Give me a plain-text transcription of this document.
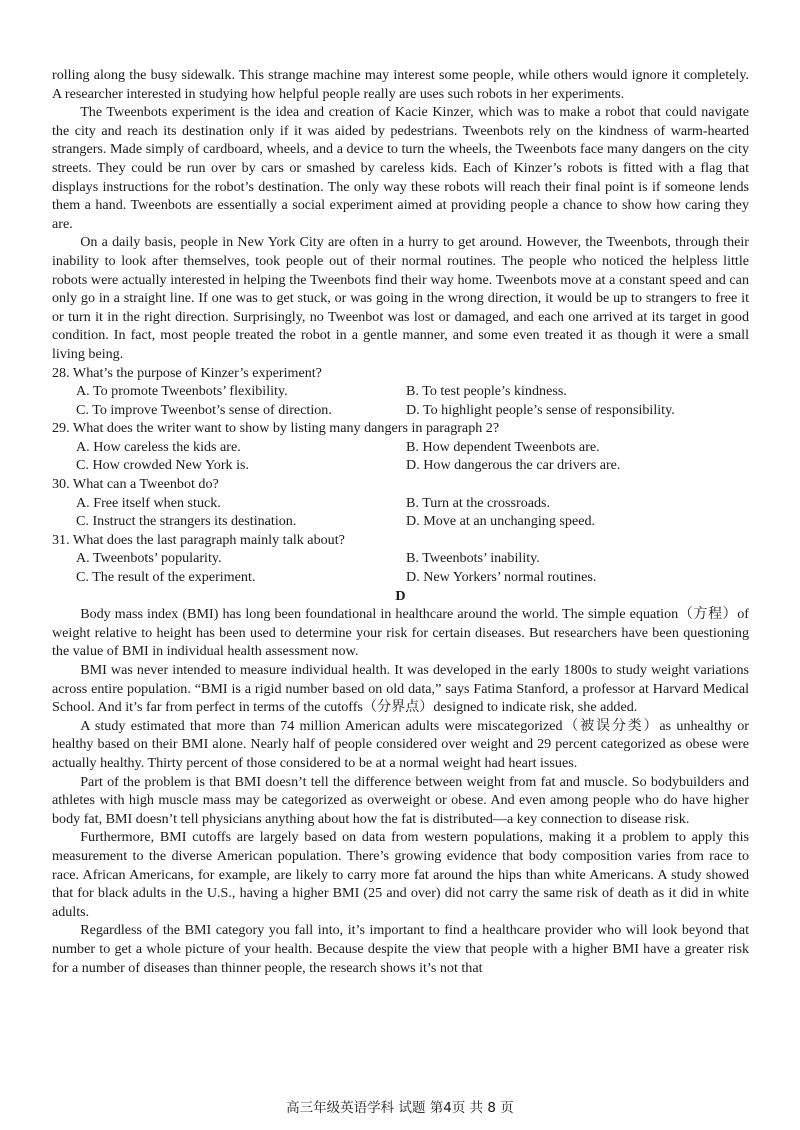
rolling along the busy sidewalk. This strange machine may interest some people, while others would ignore it completely. A researcher interested in studying how helpful people really are uses such robots in her experiments.

The Tweenbots experiment is the idea and creation of Kacie Kinzer, which was to make a robot that could navigate the city and reach its destination only if it was aided by pedestrians. Tweenbots rely on the kindness of warm-hearted strangers. Made simply of cardboard, wheels, and a device to turn the wheels, the Tweenbots face many dangers on the city streets. They could be run over by cars or smashed by careless kids. Each of Kinzer’s robots is fitted with a flag that displays instructions for the robot’s destination. The only way these robots will reach their final point is if someone lends them a hand. Tweenbots are essentially a social experiment aimed at providing people a chance to show how caring they are.

On a daily basis, people in New York City are often in a hurry to get around. However, the Tweenbots, through their inability to look after themselves, took people out of their normal routines. The people who noticed the helpless little robots were actually interested in helping the Tweenbots find their way home. Tweenbots move at a constant speed and can only go in a straight line. If one was to get stuck, or was going in the wrong direction, it would be up to strangers to free it or turn it in the right direction. Surprisingly, no Tweenbot was lost or damaged, and each one arrived at its target in good condition. In fact, most people treated the robot in a gentle manner, and some even treated it as though it were a small living being.

28. What’s the purpose of Kinzer’s experiment?

A. To promote Tweenbots’ flexibility.	B. To test people’s kindness.
C. To improve Tweenbot’s sense of direction.	D. To highlight people’s sense of responsibility.

29. What does the writer want to show by listing many dangers in paragraph 2?

A. How careless the kids are.	B. How dependent Tweenbots are.
C. How crowded New York is.	D. How dangerous the car drivers are.

30. What can a Tweenbot do?

A. Free itself when stuck.	B. Turn at the crossroads.
C. Instruct the strangers its destination.	D. Move at an unchanging speed.

31. What does the last paragraph mainly talk about?

A. Tweenbots’ popularity.	B. Tweenbots’ inability.
C. The result of the experiment.	D. New Yorkers’ normal routines.

D

Body mass index (BMI) has long been foundational in healthcare around the world. The simple equation（方程）of weight relative to height has been used to determine your risk for certain diseases. But researchers have been questioning the value of BMI in individual health assessment now.

BMI was never intended to measure individual health. It was developed in the early 1800s to study weight variations across entire population. “BMI is a rigid number based on old data,” says Fatima Stanford, a professor at Harvard Medical School. And it’s far from perfect in terms of the cutoffs（分界点）designed to indicate risk, she added.

A study estimated that more than 74 million American adults were miscategorized（被误分类）as unhealthy or healthy based on their BMI alone. Nearly half of people considered over weight and 29 percent categorized as obese were actually healthy. Thirty percent of those considered to be at a normal weight had heart issues.

Part of the problem is that BMI doesn’t tell the difference between weight from fat and muscle. So bodybuilders and athletes with high muscle mass may be categorized as overweight or obese. And even among people who do have higher body fat, BMI doesn’t tell physicians anything about how the fat is distributed—a key connection to disease risk.

Furthermore, BMI cutoffs are largely based on data from western populations, making it a problem to apply this measurement to the diverse American population. There’s growing evidence that body composition varies from race to race. African Americans, for example, are likely to carry more fat around the hips than white Americans. A study showed that for black adults in the U.S., having a higher BMI (25 and over) did not carry the same risk of death as it did in white adults.

Regardless of the BMI category you fall into, it’s important to find a healthcare provider who will look beyond that number to get a whole picture of your health. Because despite the view that people with a higher BMI have a greater risk for a number of diseases than thinner people, the research shows it’s not that

高三年级英语学科 试题 第4页 共 8 页
